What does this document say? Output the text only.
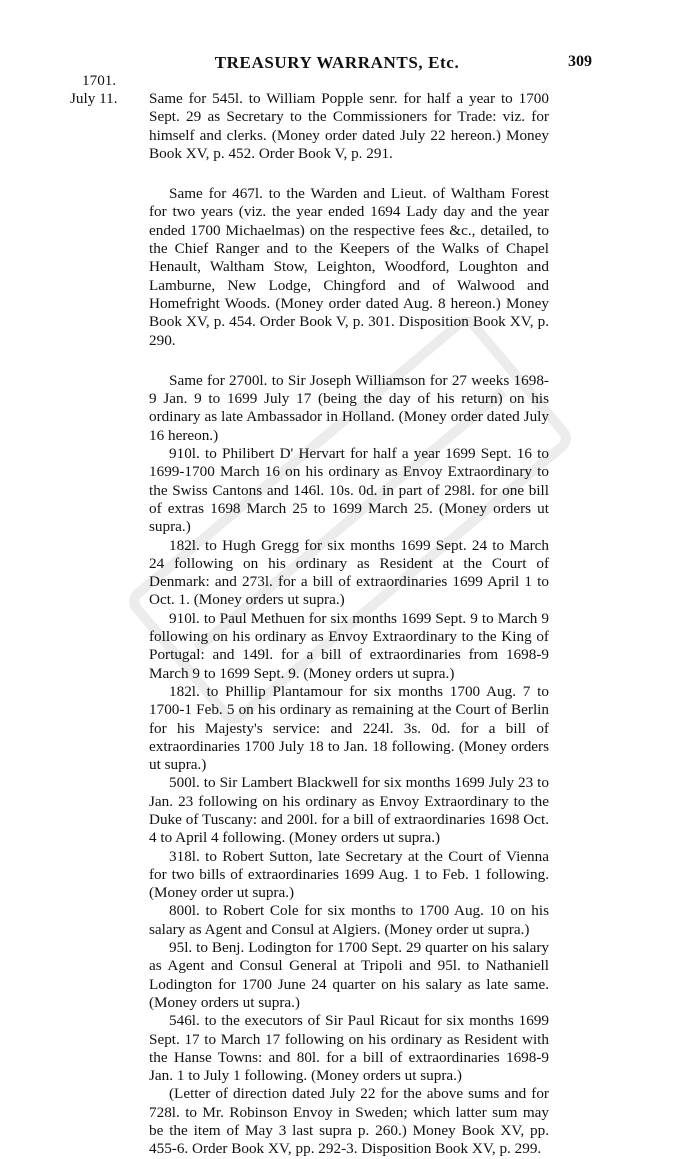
TREASURY WARRANTS, Etc.	309
1701.
July 11. Same for 545l. to William Popple senr. for half a year to 1700 Sept. 29 as Secretary to the Commissioners for Trade: viz. for himself and clerks. (Money order dated July 22 hereon.) Money Book XV, p. 452. Order Book V, p. 291.

Same for 467l. to the Warden and Lieut. of Waltham Forest for two years (viz. the year ended 1694 Lady day and the year ended 1700 Michaelmas) on the respective fees &c., detailed, to the Chief Ranger and to the Keepers of the Walks of Chapel Henault, Waltham Stow, Leighton, Woodford, Loughton and Lamburne, New Lodge, Chingford and of Walwood and Homefright Woods. (Money order dated Aug. 8 hereon.) Money Book XV, p. 454. Order Book V, p. 301. Disposition Book XV, p. 290.

Same for 2700l. to Sir Joseph Williamson for 27 weeks 1698-9 Jan. 9 to 1699 July 17 (being the day of his return) on his ordinary as late Ambassador in Holland. (Money order dated July 16 hereon.)

910l. to Philibert D' Hervart for half a year 1699 Sept. 16 to 1699-1700 March 16 on his ordinary as Envoy Extraordinary to the Swiss Cantons and 146l. 10s. 0d. in part of 298l. for one bill of extras 1698 March 25 to 1699 March 25. (Money orders ut supra.)

182l. to Hugh Gregg for six months 1699 Sept. 24 to March 24 following on his ordinary as Resident at the Court of Denmark: and 273l. for a bill of extraordinaries 1699 April 1 to Oct. 1. (Money orders ut supra.)

910l. to Paul Methuen for six months 1699 Sept. 9 to March 9 following on his ordinary as Envoy Extraordinary to the King of Portugal: and 149l. for a bill of extraordinaries from 1698-9 March 9 to 1699 Sept. 9. (Money orders ut supra.)

182l. to Phillip Plantamour for six months 1700 Aug. 7 to 1700-1 Feb. 5 on his ordinary as remaining at the Court of Berlin for his Majesty's service: and 224l. 3s. 0d. for a bill of extraordinaries 1700 July 18 to Jan. 18 following. (Money orders ut supra.)

500l. to Sir Lambert Blackwell for six months 1699 July 23 to Jan. 23 following on his ordinary as Envoy Extraordinary to the Duke of Tuscany: and 200l. for a bill of extraordinaries 1698 Oct. 4 to April 4 following. (Money orders ut supra.)

318l. to Robert Sutton, late Secretary at the Court of Vienna for two bills of extraordinaries 1699 Aug. 1 to Feb. 1 following. (Money order ut supra.)

800l. to Robert Cole for six months to 1700 Aug. 10 on his salary as Agent and Consul at Algiers. (Money order ut supra.)

95l. to Benj. Lodington for 1700 Sept. 29 quarter on his salary as Agent and Consul General at Tripoli and 95l. to Nathaniell Lodington for 1700 June 24 quarter on his salary as late same. (Money orders ut supra.)

546l. to the executors of Sir Paul Ricaut for six months 1699 Sept. 17 to March 17 following on his ordinary as Resident with the Hanse Towns: and 80l. for a bill of extraordinaries 1698-9 Jan. 1 to July 1 following. (Money orders ut supra.)

(Letter of direction dated July 22 for the above sums and for 728l. to Mr. Robinson Envoy in Sweden; which latter sum may be the item of May 3 last supra p. 260.) Money Book XV, pp. 455-6. Order Book XV, pp. 292-3. Disposition Book XV, p. 299.
